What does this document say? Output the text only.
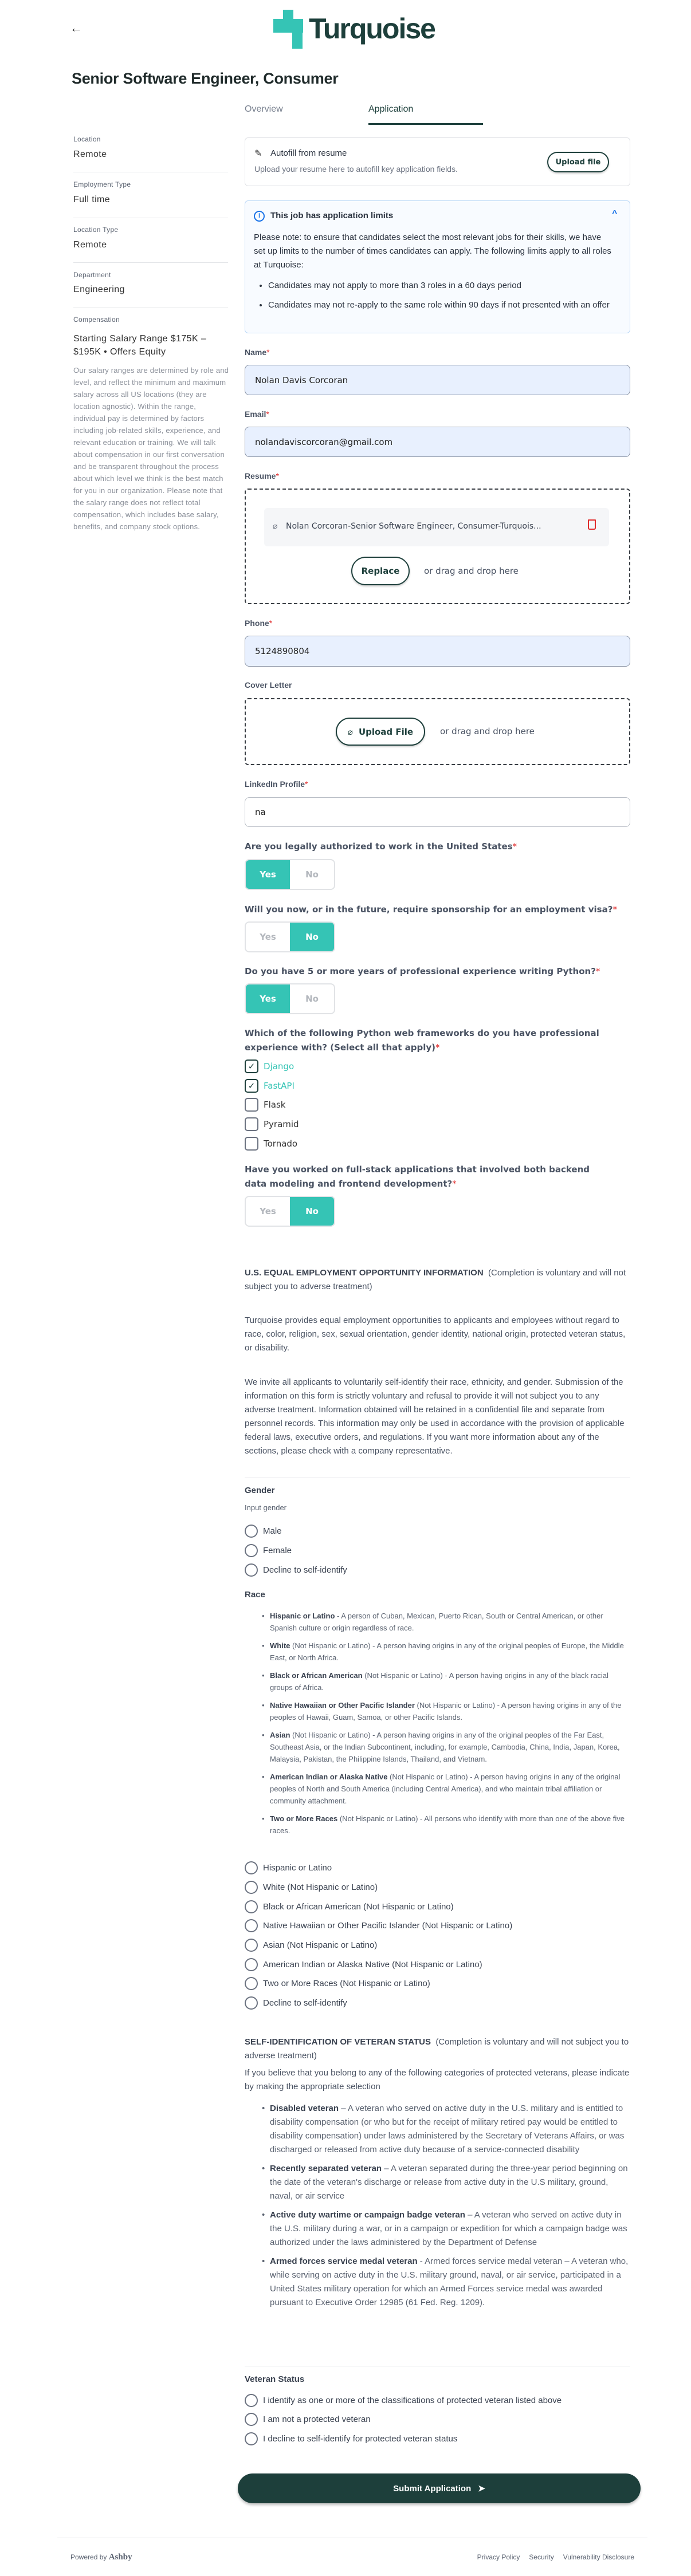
←	Turquoise
Senior Software Engineer, Consumer
Overview	Application
Location
Remote
Employment Type
Full time
Location Type
Remote
Department
Engineering
Compensation
Starting Salary Range $175K – $195K • Offers Equity
Our salary ranges are determined by role and level, and reflect the minimum and maximum salary across all US locations (they are location agnostic). Within the range, individual pay is determined by factors including job-related skills, experience, and relevant education or training. We will talk about compensation in our first conversation and be transparent throughout the process about which level we think is the best match for you in our organization. Please note that the salary range does not reflect total compensation, which includes base salary, benefits, and company stock options.
✎ Autofill from resume
Upload your resume here to autofill key application fields.
Upload file
i	This job has application limits	^
Please note: to ensure that candidates select the most relevant jobs for their skills, we have set up limits to the number of times candidates can apply. The following limits apply to all roles at Turquoise:
• Candidates may not apply to more than 3 roles in a 60 days period
• Candidates may not re-apply to the same role within 90 days if not presented with an offer
Name*
Nolan Davis Corcoran
Email*
nolandaviscorcoran@gmail.com
Resume*
⌀ Nolan Corcoran-Senior Software Engineer, Consumer-Turquois...
Replace	or drag and drop here
Phone*
5124890804
Cover Letter
⌀ Upload File	or drag and drop here
LinkedIn Profile*
na
Are you legally authorized to work in the United States*
Yes	No
Will you now, or in the future, require sponsorship for an employment visa?*
Yes	No
Do you have 5 or more years of professional experience writing Python?*
Yes	No
Which of the following Python web frameworks do you have professional experience with? (Select all that apply)*
✓ Django
✓ FastAPI
Flask
Pyramid
Tornado
Have you worked on full-stack applications that involved both backend data modeling and frontend development?*
Yes	No
U.S. EQUAL EMPLOYMENT OPPORTUNITY INFORMATION (Completion is voluntary and will not subject you to adverse treatment)
Turquoise provides equal employment opportunities to applicants and employees without regard to race, color, religion, sex, sexual orientation, gender identity, national origin, protected veteran status, or disability.
We invite all applicants to voluntarily self-identify their race, ethnicity, and gender. Submission of the information on this form is strictly voluntary and refusal to provide it will not subject you to any adverse treatment. Information obtained will be retained in a confidential file and separate from personnel records. This information may only be used in accordance with the provision of applicable federal laws, executive orders, and regulations. If you want more information about any of the sections, please check with a company representative.
Gender
Input gender
Male
Female
Decline to self-identify
Race
• Hispanic or Latino - A person of Cuban, Mexican, Puerto Rican, South or Central American, or other Spanish culture or origin regardless of race.
• White (Not Hispanic or Latino) - A person having origins in any of the original peoples of Europe, the Middle East, or North Africa.
• Black or African American (Not Hispanic or Latino) - A person having origins in any of the black racial groups of Africa.
• Native Hawaiian or Other Pacific Islander (Not Hispanic or Latino) - A person having origins in any of the peoples of Hawaii, Guam, Samoa, or other Pacific Islands.
• Asian (Not Hispanic or Latino) - A person having origins in any of the original peoples of the Far East, Southeast Asia, or the Indian Subcontinent, including, for example, Cambodia, China, India, Japan, Korea, Malaysia, Pakistan, the Philippine Islands, Thailand, and Vietnam.
• American Indian or Alaska Native (Not Hispanic or Latino) - A person having origins in any of the original peoples of North and South America (including Central America), and who maintain tribal affiliation or community attachment.
• Two or More Races (Not Hispanic or Latino) - All persons who identify with more than one of the above five races.
Hispanic or Latino
White (Not Hispanic or Latino)
Black or African American (Not Hispanic or Latino)
Native Hawaiian or Other Pacific Islander (Not Hispanic or Latino)
Asian (Not Hispanic or Latino)
American Indian or Alaska Native (Not Hispanic or Latino)
Two or More Races (Not Hispanic or Latino)
Decline to self-identify
SELF-IDENTIFICATION OF VETERAN STATUS (Completion is voluntary and will not subject you to adverse treatment)
If you believe that you belong to any of the following categories of protected veterans, please indicate by making the appropriate selection
• Disabled veteran – A veteran who served on active duty in the U.S. military and is entitled to disability compensation (or who but for the receipt of military retired pay would be entitled to disability compensation) under laws administered by the Secretary of Veterans Affairs, or was discharged or released from active duty because of a service-connected disability
• Recently separated veteran – A veteran separated during the three-year period beginning on the date of the veteran's discharge or release from active duty in the U.S military, ground, naval, or air service
• Active duty wartime or campaign badge veteran – A veteran who served on active duty in the U.S. military during a war, or in a campaign or expedition for which a campaign badge was authorized under the laws administered by the Department of Defense
• Armed forces service medal veteran - Armed forces service medal veteran – A veteran who, while serving on active duty in the U.S. military ground, naval, or air service, participated in a United States military operation for which an Armed Forces service medal was awarded pursuant to Executive Order 12985 (61 Fed. Reg. 1209).
Veteran Status
I identify as one or more of the classifications of protected veteran listed above
I am not a protected veteran
I decline to self-identify for protected veteran status
Submit Application ➤
Powered by Ashby	Privacy Policy Security Vulnerability Disclosure
